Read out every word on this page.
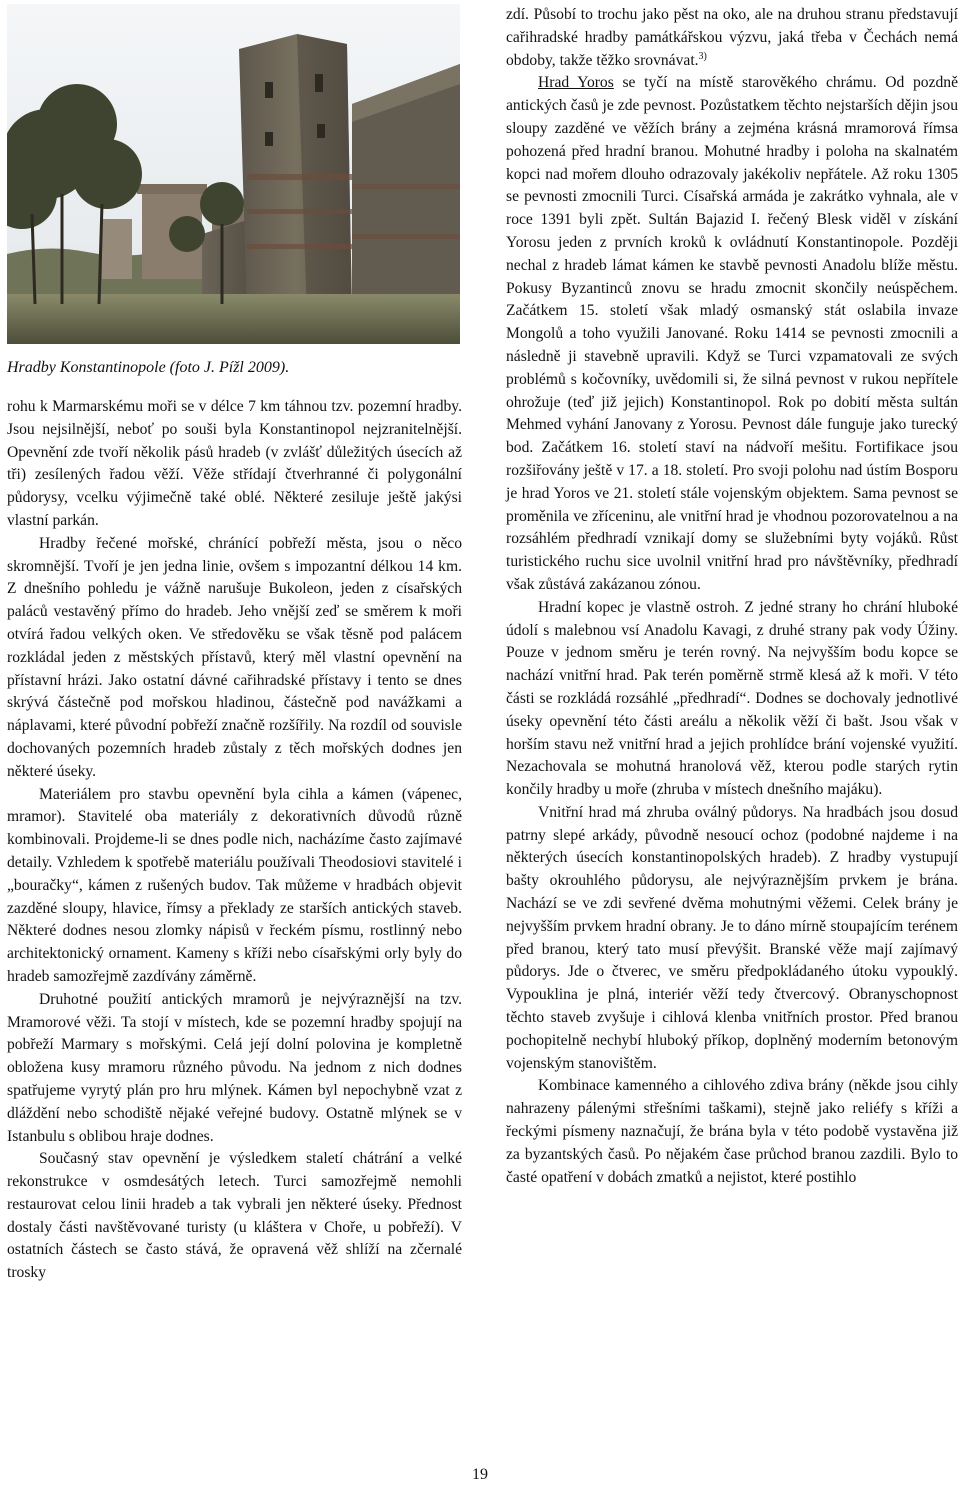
Hradby Konstantinopole (foto J. Pížl 2009).

rohu k Marmarskému moři se v délce 7 km táhnou tzv. pozemní hradby. Jsou nejsilnější, neboť po souši byla Konstantinopol nejzranitelnější. Opevnění zde tvoří několik pásů hradeb (v zvlášť důležitých úsecích až tři) zesílených řadou věží. Věže střídají čtverhranné či polygonální půdorysy, vcelku výjimečně také oblé. Některé zesiluje ještě jakýsi vlastní parkán.

Hradby řečené mořské, chránící pobřeží města, jsou o něco skromnější. Tvoří je jen jedna linie, ovšem s impozantní délkou 14 km. Z dnešního pohledu je vážně narušuje Bukoleon, jeden z císařských paláců vestavěný přímo do hradeb. Jeho vnější zeď se směrem k moři otvírá řadou velkých oken. Ve středověku se však těsně pod palácem rozkládal jeden z městských přístavů, který měl vlastní opevnění na přístavní hrázi. Jako ostatní dávné cařihradské přístavy i tento se dnes skrývá částečně pod mořskou hladinou, částečně pod navážkami a náplavami, které původní pobřeží značně rozšířily. Na rozdíl od souvisle dochovaných pozemních hradeb zůstaly z těch mořských dodnes jen některé úseky.

Materiálem pro stavbu opevnění byla cihla a kámen (vápenec, mramor). Stavitelé oba materiály z dekorativních důvodů různě kombinovali. Projdeme-li se dnes podle nich, nacházíme často zajímavé detaily. Vzhledem k spotřebě materiálu používali Theodosiovi stavitelé i „bouračky“, kámen z rušených budov. Tak můžeme v hradbách objevit zazděné sloupy, hlavice, římsy a překlady ze starších antických staveb. Některé dodnes nesou zlomky nápisů v řeckém písmu, rostlinný nebo architektonický ornament. Kameny s kříži nebo císařskými orly byly do hradeb samozřejmě zazdívány záměrně.

Druhotné použití antických mramorů je nejvýraznější na tzv. Mramorové věži. Ta stojí v místech, kde se pozemní hradby spojují na pobřeží Marmary s mořskými. Celá její dolní polovina je kompletně obložena kusy mramoru různého původu. Na jednom z nich dodnes spatřujeme vyrytý plán pro hru mlýnek. Kámen byl nepochybně vzat z dláždění nebo schodiště nějaké veřejné budovy. Ostatně mlýnek se v Istanbulu s oblibou hraje dodnes.

Současný stav opevnění je výsledkem staletí chátrání a velké rekonstrukce v osmdesátých letech. Turci samozřejmě nemohli restaurovat celou linii hradeb a tak vybrali jen některé úseky. Přednost dostaly části navštěvované turisty (u kláštera v Choře, u pobřeží). V ostatních částech se často stává, že opravená věž shlíží na zčernalé trosky

zdí. Působí to trochu jako pěst na oko, ale na druhou stranu představují cařihradské hradby památkářskou výzvu, jaká třeba v Čechách nemá obdoby, takže těžko srovnávat.$^{3)}$

Hrad Yoros se tyčí na místě starověkého chrámu. Od pozdně antických časů je zde pevnost. Pozůstatkem těchto nejstarších dějin jsou sloupy zazděné ve věžích brány a zejména krásná mramorová římsa pohozená před hradní branou. Mohutné hradby i poloha na skalnatém kopci nad mořem dlouho odrazovaly jakékoliv nepřátele. Až roku 1305 se pevnosti zmocnili Turci. Císařská armáda je zakrátko vyhnala, ale v roce 1391 byli zpět. Sultán Bajazid I. řečený Blesk viděl v získání Yorosu jeden z prvních kroků k ovládnutí Konstantinopole. Později nechal z hradeb lámat kámen ke stavbě pevnosti Anadolu blíže městu. Pokusy Byzantinců znovu se hradu zmocnit skončily neúspěchem. Začátkem 15. století však mladý osmanský stát oslabila invaze Mongolů a toho využili Janované. Roku 1414 se pevnosti zmocnili a následně ji stavebně upravili. Když se Turci vzpamatovali ze svých problémů s kočovníky, uvědomili si, že silná pevnost v rukou nepřítele ohrožuje (teď již jejich) Konstantinopol. Rok po dobití města sultán Mehmed vyhání Janovany z Yorosu. Pevnost dále funguje jako turecký bod. Začátkem 16. století staví na nádvoří mešitu. Fortifikace jsou rozšiřovány ještě v 17. a 18. století. Pro svoji polohu nad ústím Bosporu je hrad Yoros ve 21. století stále vojenským objektem. Sama pevnost se proměnila ve zříceninu, ale vnitřní hrad je vhodnou pozorovatelnou a na rozsáhlém předhradí vznikají domy se služebními byty vojáků. Růst turistického ruchu sice uvolnil vnitřní hrad pro návštěvníky, předhradí však zůstává zakázanou zónou.

Hradní kopec je vlastně ostroh. Z jedné strany ho chrání hluboké údolí s malebnou vsí Anadolu Kavagi, z druhé strany pak vody Úžiny. Pouze v jednom směru je terén rovný. Na nejvyšším bodu kopce se nachází vnitřní hrad. Pak terén poměrně strmě klesá až k moři. V této části se rozkládá rozsáhlé „předhradí“. Dodnes se dochovaly jednotlivé úseky opevnění této části areálu a několik věží či bašt. Jsou však v horším stavu než vnitřní hrad a jejich prohlídce brání vojenské využití. Nezachovala se mohutná hranolová věž, kterou podle starých rytin končily hradby u moře (zhruba v místech dnešního majáku).

Vnitřní hrad má zhruba oválný půdorys. Na hradbách jsou dosud patrny slepé arkády, původně nesoucí ochoz (podobné najdeme i na některých úsecích konstantinopolských hradeb). Z hradby vystupují bašty okrouhlého půdorysu, ale nejvýraznějším prvkem je brána. Nachází se ve zdi sevřené dvěma mohutnými věžemi. Celek brány je nejvyšším prvkem hradní obrany. Je to dáno mírně stoupajícím terénem před branou, který tato musí převýšit. Branské věže mají zajímavý půdorys. Jde o čtverec, ve směru předpokládaného útoku vypouklý. Vypouklina je plná, interiér věží tedy čtvercový. Obranyschopnost těchto staveb zvyšuje i cihlová klenba vnitřních prostor. Před branou pochopitelně nechybí hluboký příkop, doplněný moderním betonovým vojenským stanovištěm.

Kombinace kamenného a cihlového zdiva brány (někde jsou cihly nahrazeny pálenými střešními taškami), stejně jako reliéfy s kříži a řeckými písmeny naznačují, že brána byla v této podobě vystavěna již za byzantských časů. Po nějakém čase průchod branou zazdili. Bylo to časté opatření v dobách zmatků a nejistot, které postihlo

19
